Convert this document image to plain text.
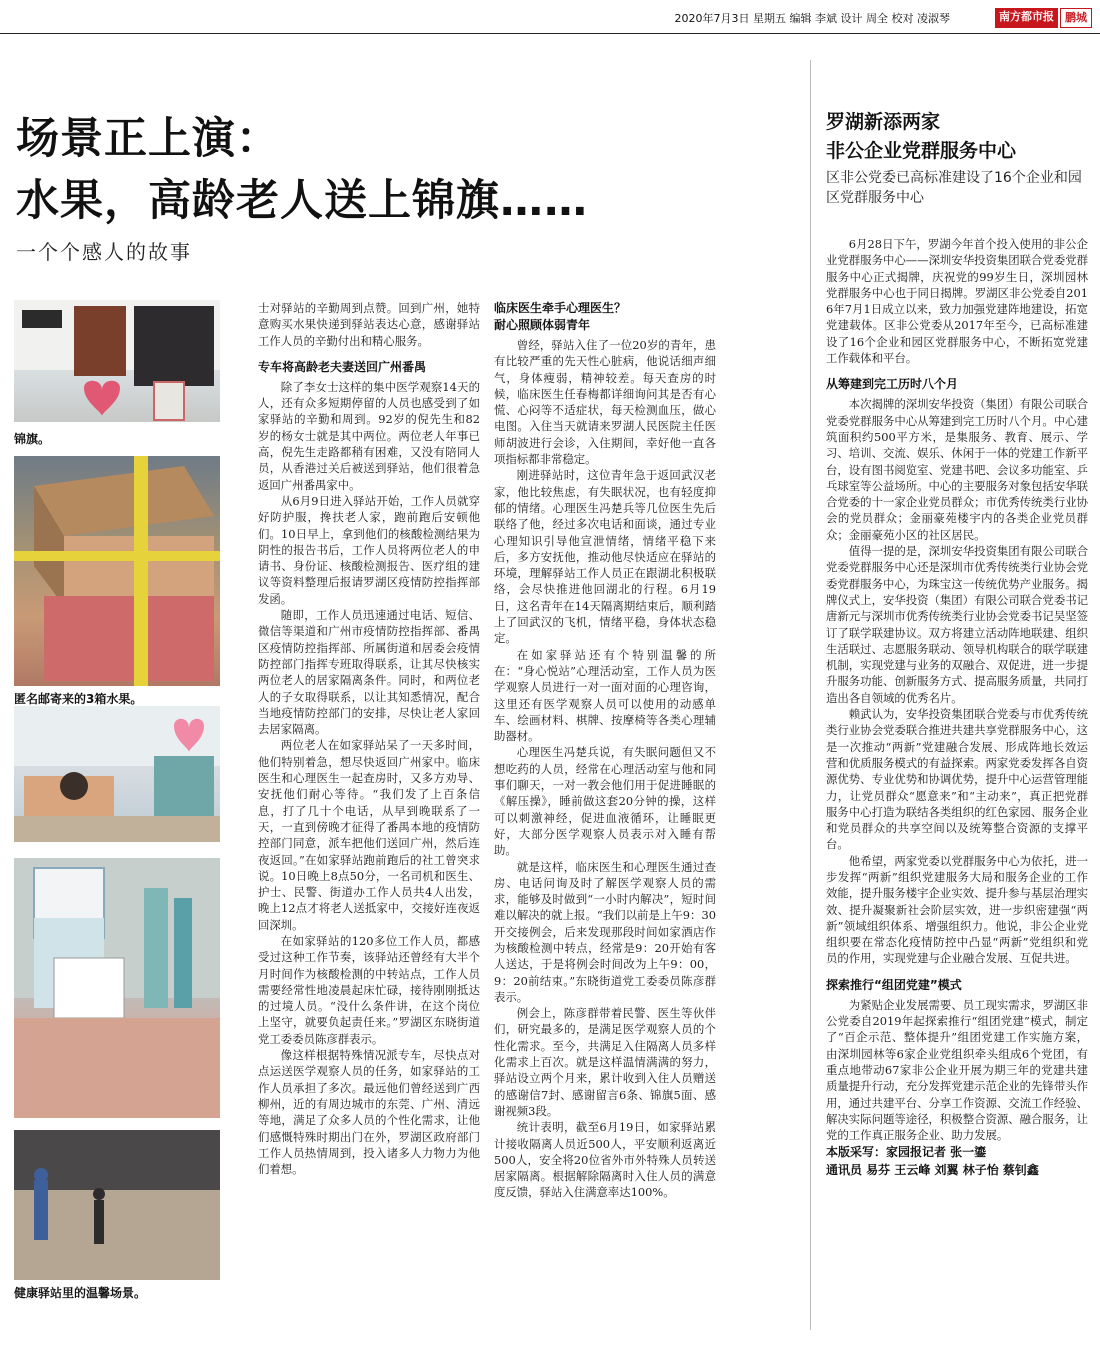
2020年7月3日 星期五 编辑 李斌 设计 周全 校对 凌淑琴	南方都市报	鹏城
场景正上演：
水果，高龄老人送上锦旗……
一个个感人的故事
罗湖新添两家
非公企业党群服务中心
区非公党委已高标准建设了16个企业和园区党群服务中心
锦旗。
匿名邮寄来的3箱水果。
健康驿站里的温馨场景。
士对驿站的辛勤周到点赞。回到广州，她特意购买水果快递到驿站表达心意，感谢驿站工作人员的辛勤付出和精心服务。
专车将高龄老夫妻送回广州番禺

除了李女士这样的集中医学观察14天的人，还有众多短期停留的人员也感受到了如家驿站的辛勤和周到。92岁的倪先生和82岁的杨女士就是其中两位。两位老人年事已高，倪先生走路都稍有困难，又没有陪同人员，从香港过关后被送到驿站，他们很着急返回广州番禺家中。

从6月9日进入驿站开始，工作人员就穿好防护服，搀扶老人家，跑前跑后安顿他们。10日早上，拿到他们的核酸检测结果为阴性的报告书后，工作人员将两位老人的申请书、身份证、核酸检测报告、医疗组的建议等资料整理后报请罗湖区疫情防控指挥部发函。

随即，工作人员迅速通过电话、短信、微信等渠道和广州市疫情防控指挥部、番禺区疫情防控指挥部、所属街道和居委会疫情防控部门指挥专班取得联系，让其尽快核实两位老人的居家隔离条件。同时，和两位老人的子女取得联系，以让其知悉情况，配合当地疫情防控部门的安排，尽快让老人家回去居家隔离。

两位老人在如家驿站呆了一天多时间，他们特别着急，想尽快返回广州家中。临床医生和心理医生一起查房时，又多方劝导、安抚他们耐心等待。“我们发了上百条信息，打了几十个电话，从早到晚联系了一天，一直到傍晚才征得了番禺本地的疫情防控部门同意，派车把他们送回广州，然后连夜返回。”在如家驿站跑前跑后的社工曾突求说。10日晚上8点50分，一名司机和医生、护士、民警、街道办工作人员共4人出发，晚上12点才将老人送抵家中，交接好连夜返回深圳。

在如家驿站的120多位工作人员，都感受过这种工作节奏，该驿站还曾经有大半个月时间作为核酸检测的中转站点，工作人员需要经常性地凌晨起床忙碌，接待刚刚抵达的过境人员。“没什么条件讲，在这个岗位上坚守，就要负起责任来。”罗湖区东晓街道党工委委员陈彦群表示。

像这样根据特殊情况派专车，尽快点对点运送医学观察人员的任务，如家驿站的工作人员承担了多次。最远他们曾经送到广西柳州，近的有周边城市的东莞、广州、清远等地，满足了众多人员的个性化需求，让他们感慨特殊时期出门在外，罗湖区政府部门工作人员热情周到，投入诸多人力物力为他们着想。

临床医生牵手心理医生？
耐心照顾体弱青年

曾经，驿站入住了一位20岁的青年，患有比较严重的先天性心脏病，他说话细声细气，身体瘦弱，精神较差。每天查房的时候，临床医生任春梅都详细询问其是否有心慌、心闷等不适症状，每天检测血压，做心电图。入住当天就请来罗湖人民医院主任医师胡波进行会诊，入住期间，幸好他一直各项指标都非常稳定。

刚进驿站时，这位青年急于返回武汉老家，他比较焦虑，有失眠状况，也有轻度抑郁的情绪。心理医生冯楚兵等几位医生先后联络了他，经过多次电话和面谈，通过专业心理知识引导他宣泄情绪，情绪平稳下来后，多方安抚他，推动他尽快适应在驿站的环境，理解驿站工作人员正在跟湖北积极联络，会尽快推进他回湖北的行程。6月19日，这名青年在14天隔离期结束后，顺利踏上了回武汉的飞机，情绪平稳，身体状态稳定。

在如家驿站还有个特别温馨的所在：“身心悦站”心理活动室，工作人员为医学观察人员进行一对一面对面的心理咨询，这里还有医学观察人员可以使用的动感单车、绘画材料、棋牌、按摩椅等各类心理辅助器材。

心理医生冯楚兵说，有失眠问题但又不想吃药的人员，经常在心理活动室与他和同事们聊天，一对一教会他们用于促进睡眠的《解压操》，睡前做这套20分钟的操，这样可以刺激神经，促进血液循环，让睡眠更好，大部分医学观察人员表示对入睡有帮助。

就是这样，临床医生和心理医生通过查房、电话问询及时了解医学观察人员的需求，能够及时做到“一小时内解决”，短时间难以解决的就上报。“我们以前是上午9：30开交接例会，后来发现那段时间如家酒店作为核酸检测中转点，经常是9：20开始有客人送达，于是将例会时间改为上午9：00，9：20前结束。”东晓街道党工委委员陈彦群表示。

例会上，陈彦群带着民警、医生等伙伴们，研究最多的，是满足医学观察人员的个性化需求。至今，共满足入住隔离人员多样化需求上百次。就是这样温情满满的努力，驿站设立两个月来，累计收到入住人员赠送的感谢信7封、感谢留言6条、锦旗5面、感谢视频3段。

统计表明，截至6月19日，如家驿站累计接收隔离人员近500人，平安顺利返离近500人，安全将20位省外市外特殊人员转送居家隔离。根据解除隔离时入住人员的满意度反馈，驿站入住满意率达100%。

6月28日下午，罗湖今年首个投入使用的非公企业党群服务中心——深圳安华投资集团联合党委党群服务中心正式揭牌，庆祝党的99岁生日，深圳园林党群服务中心也于同日揭牌。罗湖区非公党委自2016年7月1日成立以来，致力加强党建阵地建设，拓宽党建载体。区非公党委从2017年至今，已高标准建设了16个企业和园区党群服务中心，不断拓宽党建工作载体和平台。

从筹建到完工历时八个月

本次揭牌的深圳安华投资（集团）有限公司联合党委党群服务中心从筹建到完工历时八个月。中心建筑面积约500平方米，是集服务、教育、展示、学习、培训、交流、娱乐、休闲于一体的党建工作新平台，设有图书阅览室、党建书吧、会议多功能室、乒乓球室等公益场所。中心的主要服务对象包括安华联合党委的十一家企业党员群众；市优秀传统类行业协会的党员群众；金丽豪苑楼宇内的各类企业党员群众；金丽豪苑小区的社区居民。

值得一提的是，深圳安华投资集团有限公司联合党委党群服务中心还是深圳市优秀传统类行业协会党委党群服务中心，为珠宝这一传统优势产业服务。揭牌仪式上，安华投资（集团）有限公司联合党委书记唐新元与深圳市优秀传统类行业协会党委书记吴坚签订了联学联建协议。双方将建立活动阵地联建、组织生活联过、志愿服务联动、领导机构联合的联学联建机制，实现党建与业务的双融合、双促进，进一步提升服务功能、创新服务方式、提高服务质量，共同打造出各自领域的优秀名片。

赖武认为，安华投资集团联合党委与市优秀传统类行业协会党委联合推进共建共享党群服务中心，这是一次推动“两新”党建融合发展、形成阵地长效运营和优质服务模式的有益探索。两家党委发挥各自资源优势、专业优势和协调优势，提升中心运营管理能力，让党员群众“愿意来”和“主动来”，真正把党群服务中心打造为联结各类组织的红色家园、服务企业和党员群众的共享空间以及统筹整合资源的支撑平台。

他希望，两家党委以党群服务中心为依托，进一步发挥“两新”组织党建服务大局和服务企业的工作效能，提升服务楼宇企业实效、提升参与基层治理实效、提升凝聚新社会阶层实效，进一步织密建强“两新”领域组织体系、增强组织力。他说，非公企业党组织要在常态化疫情防控中凸显“两新”党组织和党员的作用，实现党建与企业融合发展、互促共进。

探索推行“组团党建”模式

为紧贴企业发展需要、员工现实需求，罗湖区非公党委自2019年起探索推行“组团党建”模式，制定了“百企示范、整体提升”组团党建工作实施方案，由深圳园林等6家企业党组织牵头组成6个党团，有重点地带动67家非公企业开展为期三年的党建共建质量提升行动，充分发挥党建示范企业的先锋带头作用，通过共建平台、分享工作资源、交流工作经验、解决实际问题等途径，积极整合资源、融合服务，让党的工作真正服务企业、助力发展。

本版采写：家园报记者 张一鎏
通讯员 易芬 王云峰 刘翼 林子怡 蔡钊鑫
